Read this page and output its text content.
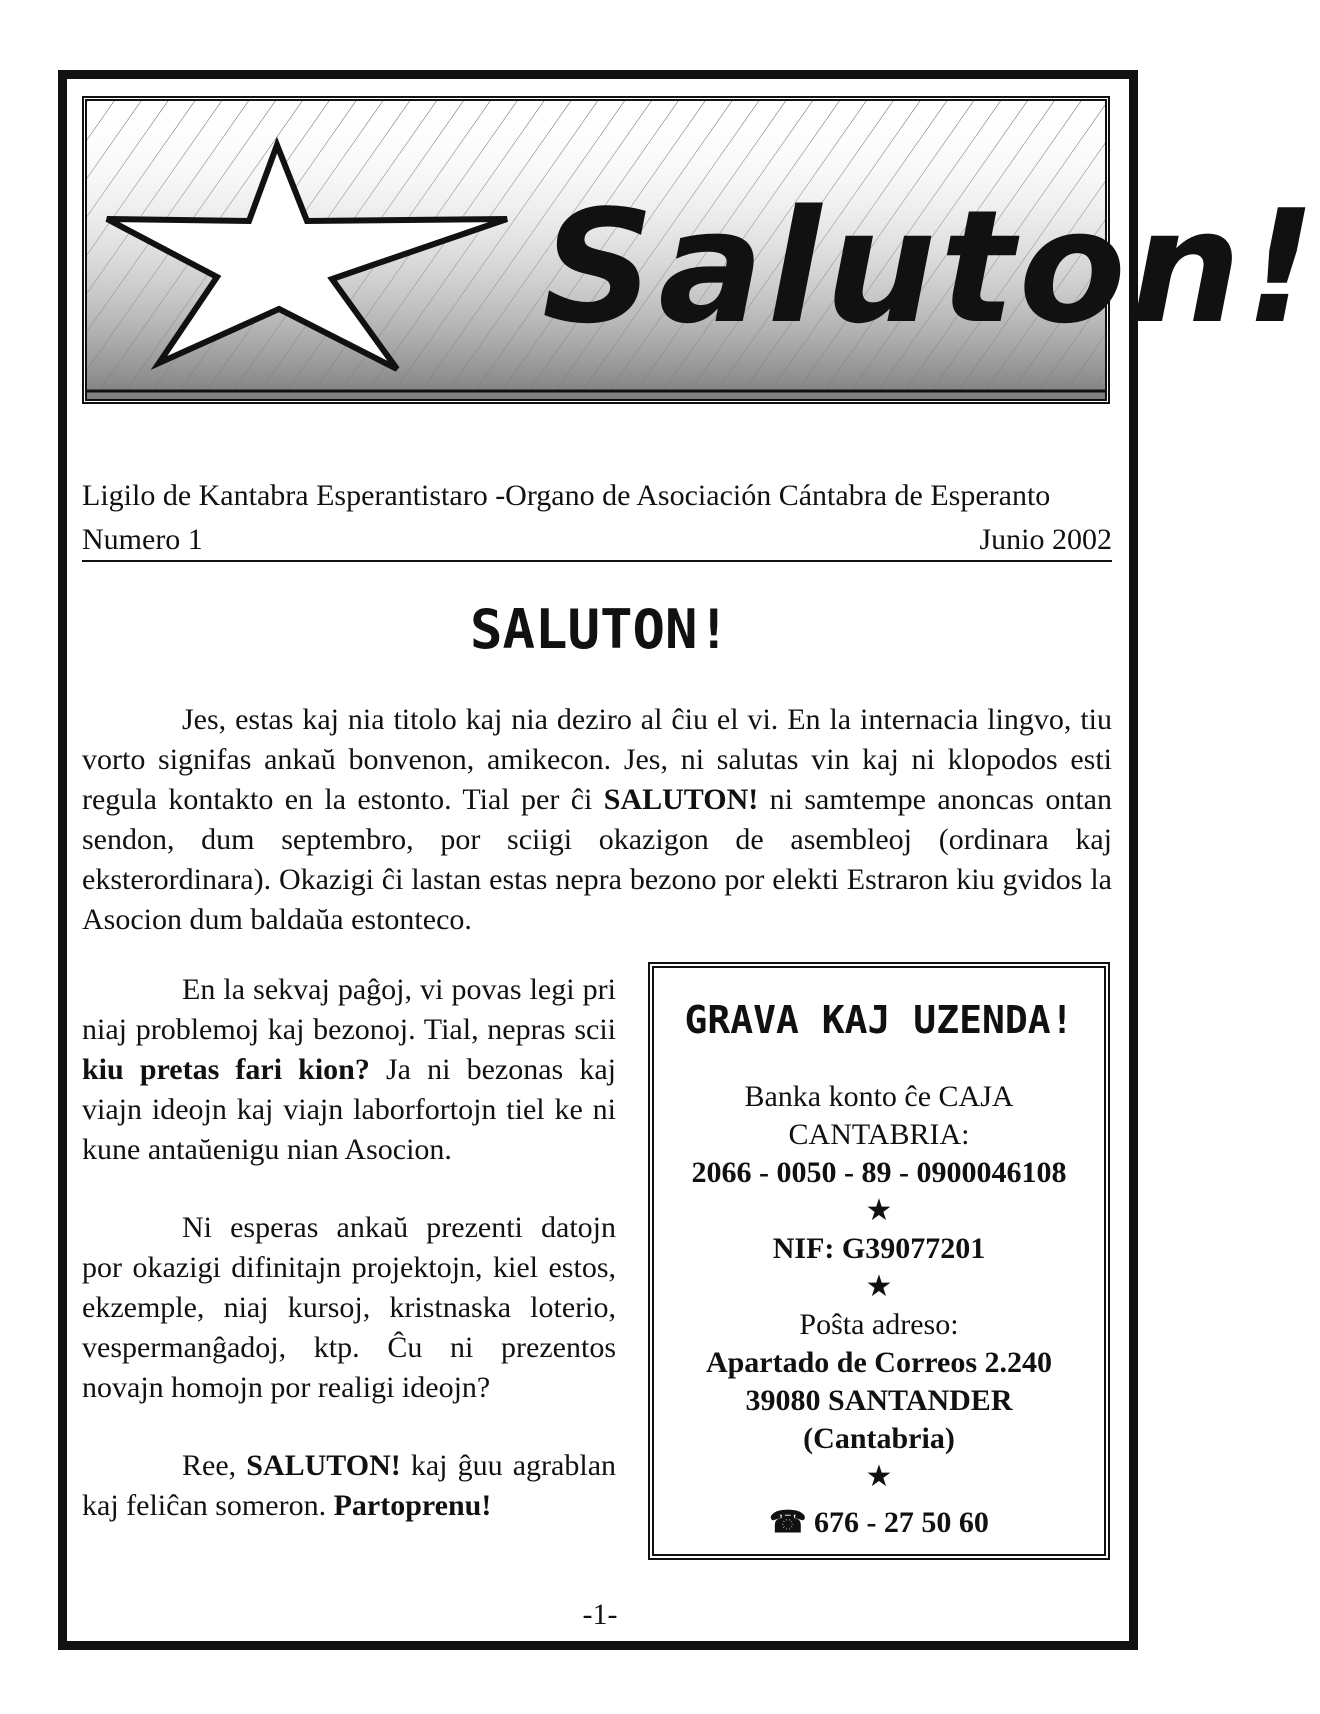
Saluton!
Ligilo de Kantabra Esperantistaro -Organo de Asociación Cántabra de Esperanto
Numero 1	Junio 2002
SALUTON!

Jes, estas kaj nia titolo kaj nia deziro al ĉiu el vi. En la internacia lingvo, tiu vorto signifas ankaŭ bonvenon, amikecon. Jes, ni salutas vin kaj ni klopodos esti regula kontakto en la estonto. Tial per ĉi SALUTON! ni samtempe anoncas ontan sendon, dum septembro, por sciigi okazigon de asembleoj (ordinara kaj eksterordinara). Okazigi ĉi lastan estas nepra bezono por elekti Estraron kiu gvidos la Asocion dum baldaŭa estonteco.

En la sekvaj paĝoj, vi povas legi pri niaj problemoj kaj bezonoj. Tial, nepras scii kiu pretas fari kion? Ja ni bezonas kaj viajn ideojn kaj viajn laborfortojn tiel ke ni kune antaŭenigu nian Asocion.

Ni esperas ankaŭ prezenti datojn por okazigi difinitajn projektojn, kiel estos, ekzemple, niaj kursoj, kristnaska loterio, vespermanĝadoj, ktp. Ĉu ni prezentos novajn homojn por realigi ideojn?

Ree, SALUTON! kaj ĝuu agrablan kaj feliĉan someron. Partoprenu!

GRAVA KAJ UZENDA!
Banka konto ĉe CAJA
CANTABRIA:
2066 - 0050 - 89 - 0900046108
★
NIF: G39077201
★
Poŝta adreso:
Apartado de Correos 2.240
39080 SANTANDER
(Cantabria)
★
☎ 676 - 27 50 60
-1-
